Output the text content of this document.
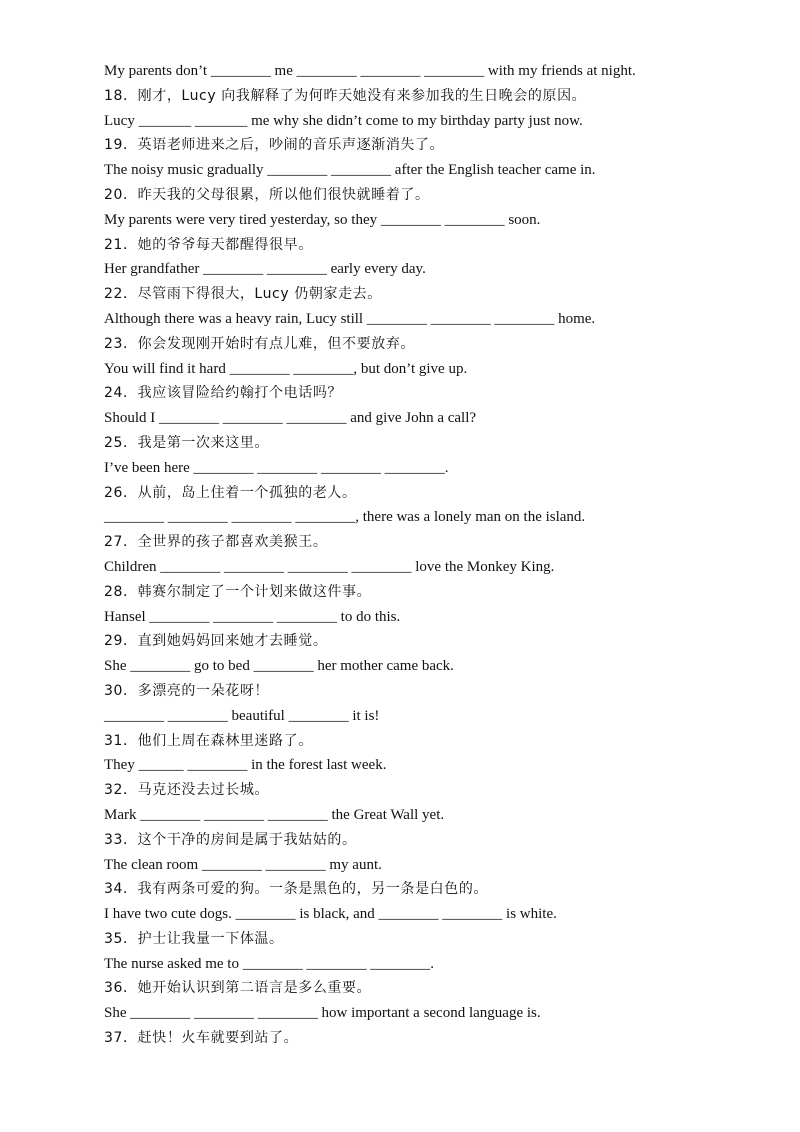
My parents don’t ________ me ________ ________ ________ with my friends at night.
18．刚才，Lucy 向我解释了为何昨天她没有来参加我的生日晚会的原因。
Lucy _______ _______ me why she didn’t come to my birthday party just now.
19．英语老师进来之后，吵闹的音乐声逐渐消失了。
The noisy music gradually ________ ________ after the English teacher came in.
20．昨天我的父母很累，所以他们很快就睡着了。
My parents were very tired yesterday, so they ________ ________ soon.
21．她的爷爷每天都醒得很早。
Her grandfather ________ ________ early every day.
22．尽管雨下得很大，Lucy 仍朝家走去。
Although there was a heavy rain, Lucy still ________ ________ ________ home.
23．你会发现刚开始时有点儿难，但不要放弃。
You will find it hard ________ ________, but don’t give up.
24．我应该冒险给约翰打个电话吗？
Should I ________ ________ ________ and give John a call?
25．我是第一次来这里。
I’ve been here ________ ________ ________ ________.
26．从前，岛上住着一个孤独的老人。
________ ________ ________ ________, there was a lonely man on the island.
27．全世界的孩子都喜欢美猴王。
Children ________ ________ ________ ________ love the Monkey King.
28．韩赛尔制定了一个计划来做这件事。
Hansel ________ ________ ________ to do this.
29．直到她妈妈回来她才去睡觉。
She ________ go to bed ________ her mother came back.
30．多漂亮的一朵花呀！
________ ________ beautiful ________ it is!
31．他们上周在森林里迷路了。
They ______ ________ in the forest last week.
32．马克还没去过长城。
Mark ________ ________ ________ the Great Wall yet.
33．这个干净的房间是属于我姑姑的。
The clean room ________ ________ my aunt.
34．我有两条可爱的狗。一条是黑色的，另一条是白色的。
I have two cute dogs. ________ is black, and ________ ________ is white.
35．护士让我量一下体温。
The nurse asked me to ________ ________ ________.
36．她开始认识到第二语言是多么重要。
She ________ ________ ________ how important a second language is.
37．赶快！火车就要到站了。
